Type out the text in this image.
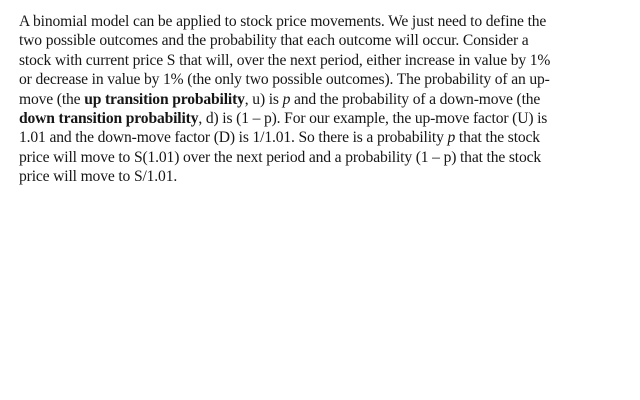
A binomial model can be applied to stock price movements. We just need to define the
two possible outcomes and the probability that each outcome will occur. Consider a
stock with current price S that will, over the next period, either increase in value by 1%
or decrease in value by 1% (the only two possible outcomes). The probability of an up-
move (the up transition probability, u) is p and the probability of a down-move (the
down transition probability, d) is (1 – p). For our example, the up-move factor (U) is
1.01 and the down-move factor (D) is 1/1.01. So there is a probability p that the stock
price will move to S(1.01) over the next period and a probability (1 – p) that the stock
price will move to S/1.01.
